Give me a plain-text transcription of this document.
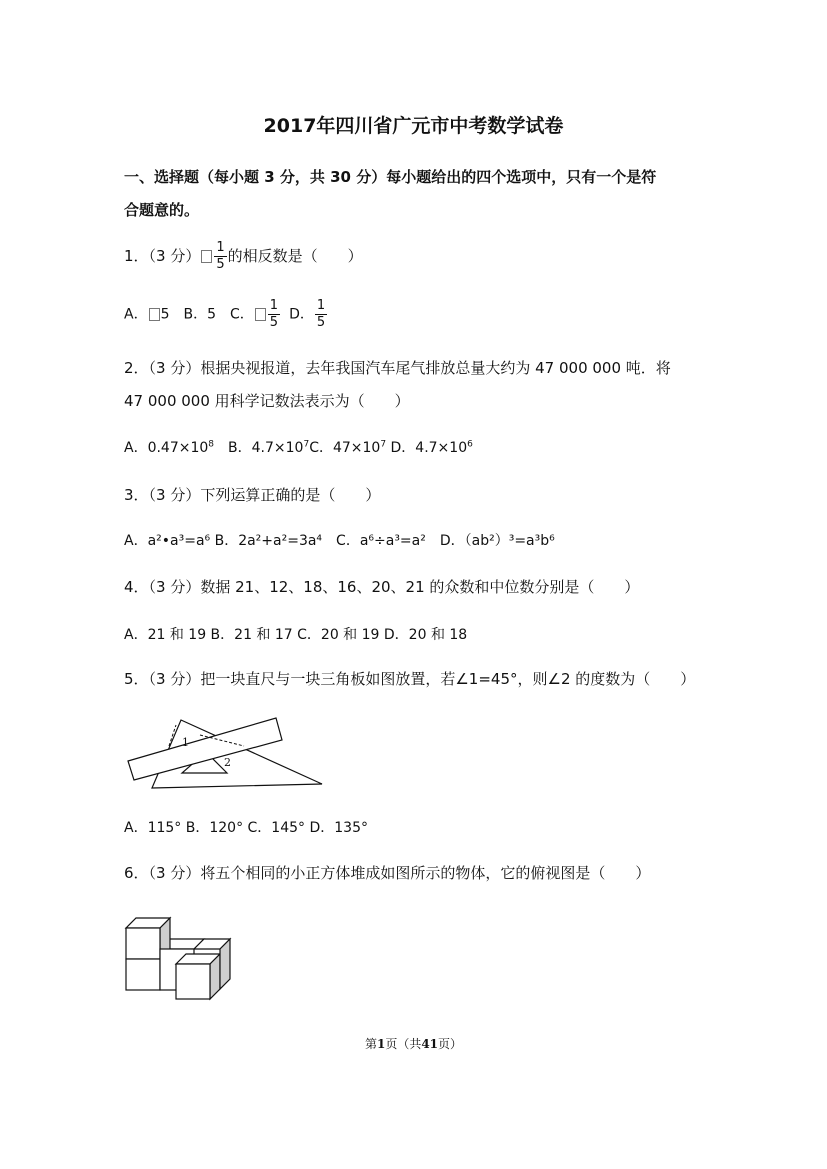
2017年四川省广元市中考数学试卷
一、选择题（每小题 3 分，共 30 分）每小题给出的四个选项中，只有一个是符
合题意的。
1．（3 分） $\frac{1}{5}$ 的相反数是（　　）
A． 5 B．5 C． $\frac{1}{5}$ D． $\frac{1}{5}$
2．（3 分）根据央视报道，去年我国汽车尾气排放总量大约为 47 000 000 吨．将
47 000 000 用科学记数法表示为（　　）
A．$0.47\times 10^8$ B．$4.7\times 10^7C$．$47\times 10^7$ D．$4.7\times 10^6$
3．（3 分）下列运算正确的是（　　）
A．a²•a³=a⁶ B．2a²+a²=3a⁴ C．a⁶÷a³=a² D．（ab²）³=a³b⁶
4．（3 分）数据 21、12、18、16、20、21 的众数和中位数分别是（　　）
A．21 和 19 B．21 和 17 C．20 和 19 D．20 和 18
5．（3 分）把一块直尺与一块三角板如图放置，若∠1=45°，则∠2 的度数为（　　）
1
2
A．115° B．120° C．145° D．135°
6．（3 分）将五个相同的小正方体堆成如图所示的物体，它的俯视图是（　　）
第1页（共41页）
